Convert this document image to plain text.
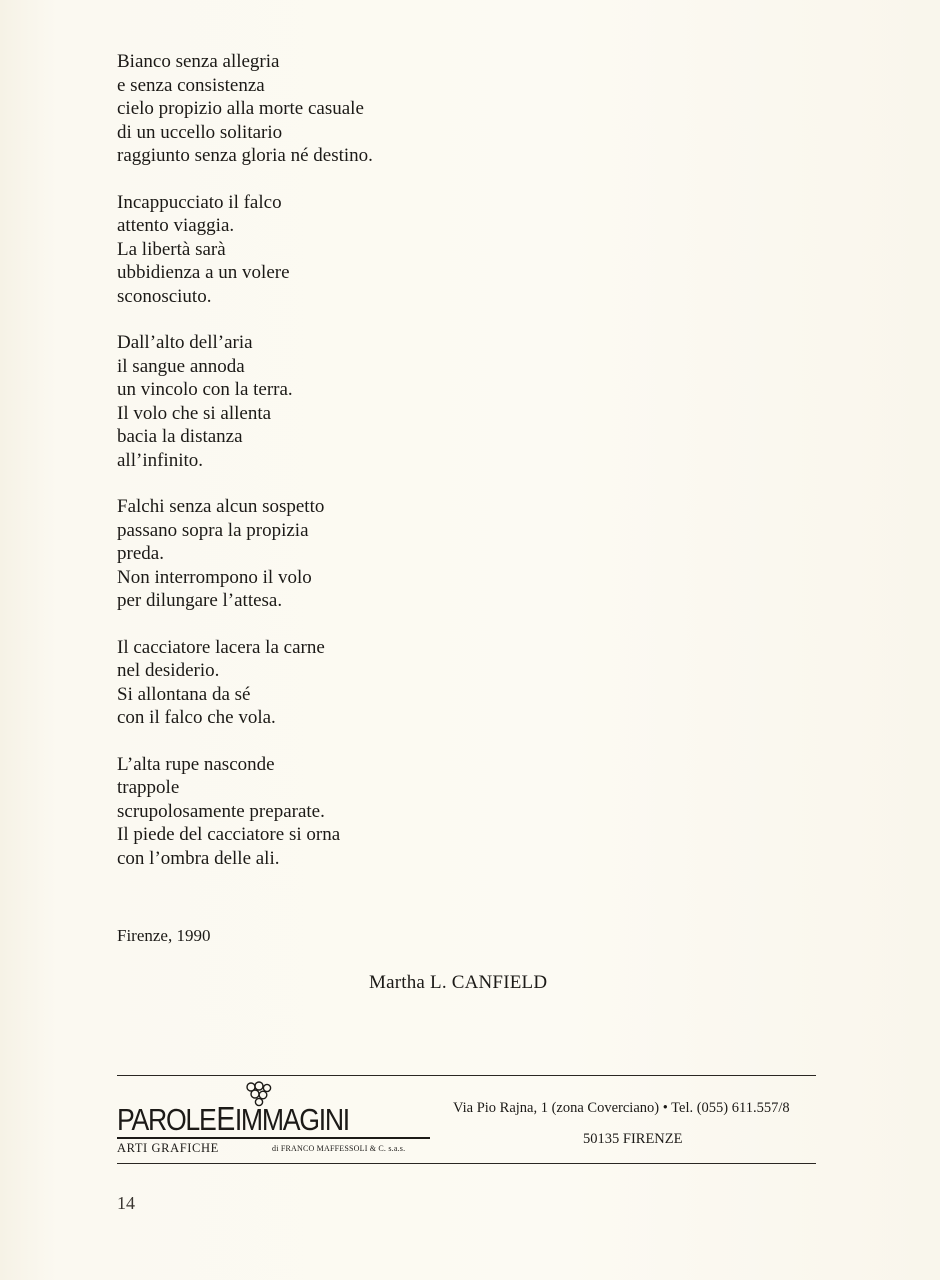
Bianco senza allegria
e senza consistenza
cielo propizio alla morte casuale
di un uccello solitario
raggiunto senza gloria né destino.
Incappucciato il falco
attento viaggia.
La libertà sarà
ubbidienza a un volere
sconosciuto.
Dall’alto dell’aria
il sangue annoda
un vincolo con la terra.
Il volo che si allenta
bacia la distanza
all’infinito.
Falchi senza alcun sospetto
passano sopra la propizia
preda.
Non interrompono il volo
per dilungare l’attesa.
Il cacciatore lacera la carne
nel desiderio.
Si allontana da sé
con il falco che vola.
L’alta rupe nasconde
trappole
scrupolosamente preparate.
Il piede del cacciatore si orna
con l’ombra delle ali.
Firenze, 1990
Martha L. CANFIELD
PAROLEEIMMAGINI
ARTI GRAFICHE	di FRANCO MAFFESSOLI & C. s.a.s.
Via Pio Rajna, 1 (zona Coverciano) • Tel. (055) 611.557/8
50135 FIRENZE
14
